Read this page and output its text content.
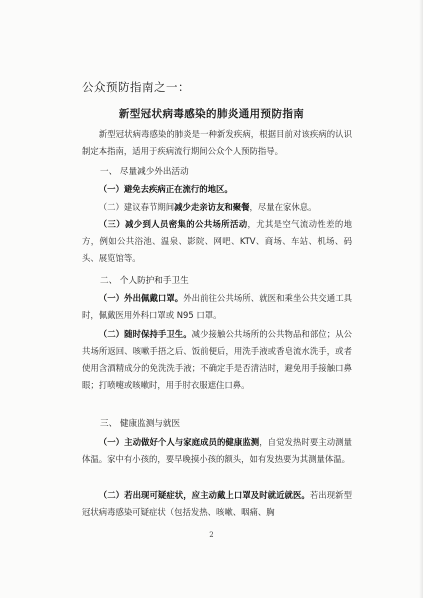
公众预防指南之一：
新型冠状病毒感染的肺炎通用预防指南
新型冠状病毒感染的肺炎是一种新发疾病，根据目前对该疾病的认识制定本指南，适用于疾病流行期间公众个人预防指导。
一、 尽量减少外出活动
（一）避免去疾病正在流行的地区。
（二）建议春节期间减少走亲访友和聚餐，尽量在家休息。
（三）减少到人员密集的公共场所活动，尤其是空气流动性差的地方，例如公共浴池、温泉、影院、网吧、KTV、商场、车站、机场、码头、展览馆等。
二、 个人防护和手卫生
（一）外出佩戴口罩。外出前往公共场所、就医和乘坐公共交通工具时，佩戴医用外科口罩或 N95 口罩。
（二）随时保持手卫生。减少接触公共场所的公共物品和部位；从公共场所返回、咳嗽手捂之后、饭前便后，用洗手液或香皂流水洗手，或者使用含酒精成分的免洗洗手液；不确定手是否清洁时，避免用手接触口鼻眼；打喷嚏或咳嗽时，用手肘衣服遮住口鼻。
三、 健康监测与就医
（一）主动做好个人与家庭成员的健康监测，自觉发热时要主动测量体温。家中有小孩的，要早晚摸小孩的额头，如有发热要为其测量体温。
（二）若出现可疑症状，应主动戴上口罩及时就近就医。若出现新型冠状病毒感染可疑症状（包括发热、咳嗽、咽痛、胸
2
